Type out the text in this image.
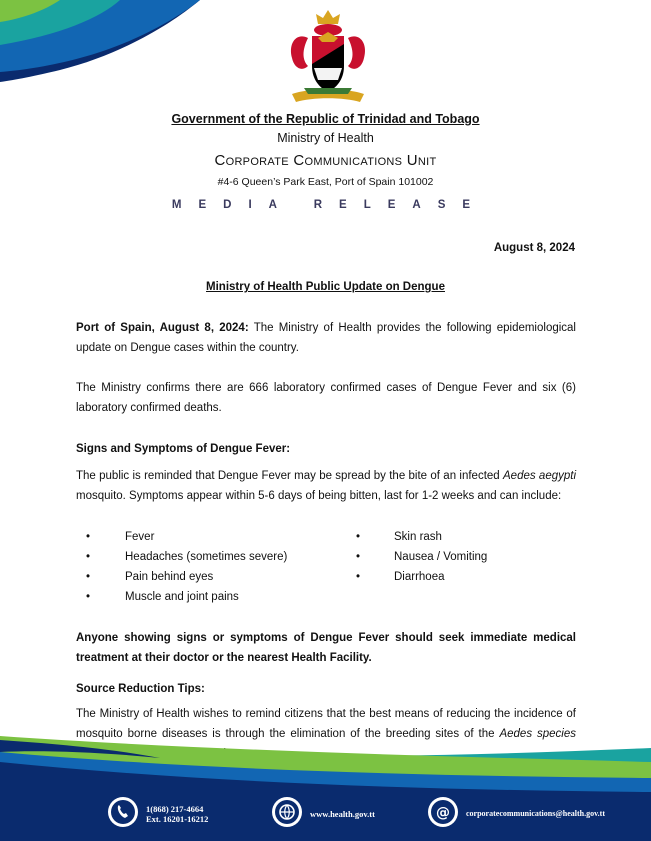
Government of the Republic of Trinidad and Tobago
Ministry of Health
Corporate Communications Unit
#4-6 Queen’s Park East, Port of Spain 101002
MEDIA RELEASE
August 8, 2024
Ministry of Health Public Update on Dengue
Port of Spain, August 8, 2024: The Ministry of Health provides the following epidemiological update on Dengue cases within the country.
The Ministry confirms there are 666 laboratory confirmed cases of Dengue Fever and six (6) laboratory confirmed deaths.
Signs and Symptoms of Dengue Fever:
The public is reminded that Dengue Fever may be spread by the bite of an infected Aedes aegypti mosquito. Symptoms appear within 5-6 days of being bitten, last for 1-2 weeks and can include:
•	Fever
•	Headaches (sometimes severe)
•	Pain behind eyes
•	Muscle and joint pains
•	Skin rash
•	Nausea / Vomiting
•	Diarrhoea
Anyone showing signs or symptoms of Dengue Fever should seek immediate medical treatment at their doctor or the nearest Health Facility.
Source Reduction Tips:
The Ministry of Health wishes to remind citizens that the best means of reducing the incidence of mosquito borne diseases is through the elimination of the breeding sites of the Aedes species
1(868) 217-4664
Ext. 16201-16212	www.health.gov.tt	@ corporatecommunications@health.gov.tt
